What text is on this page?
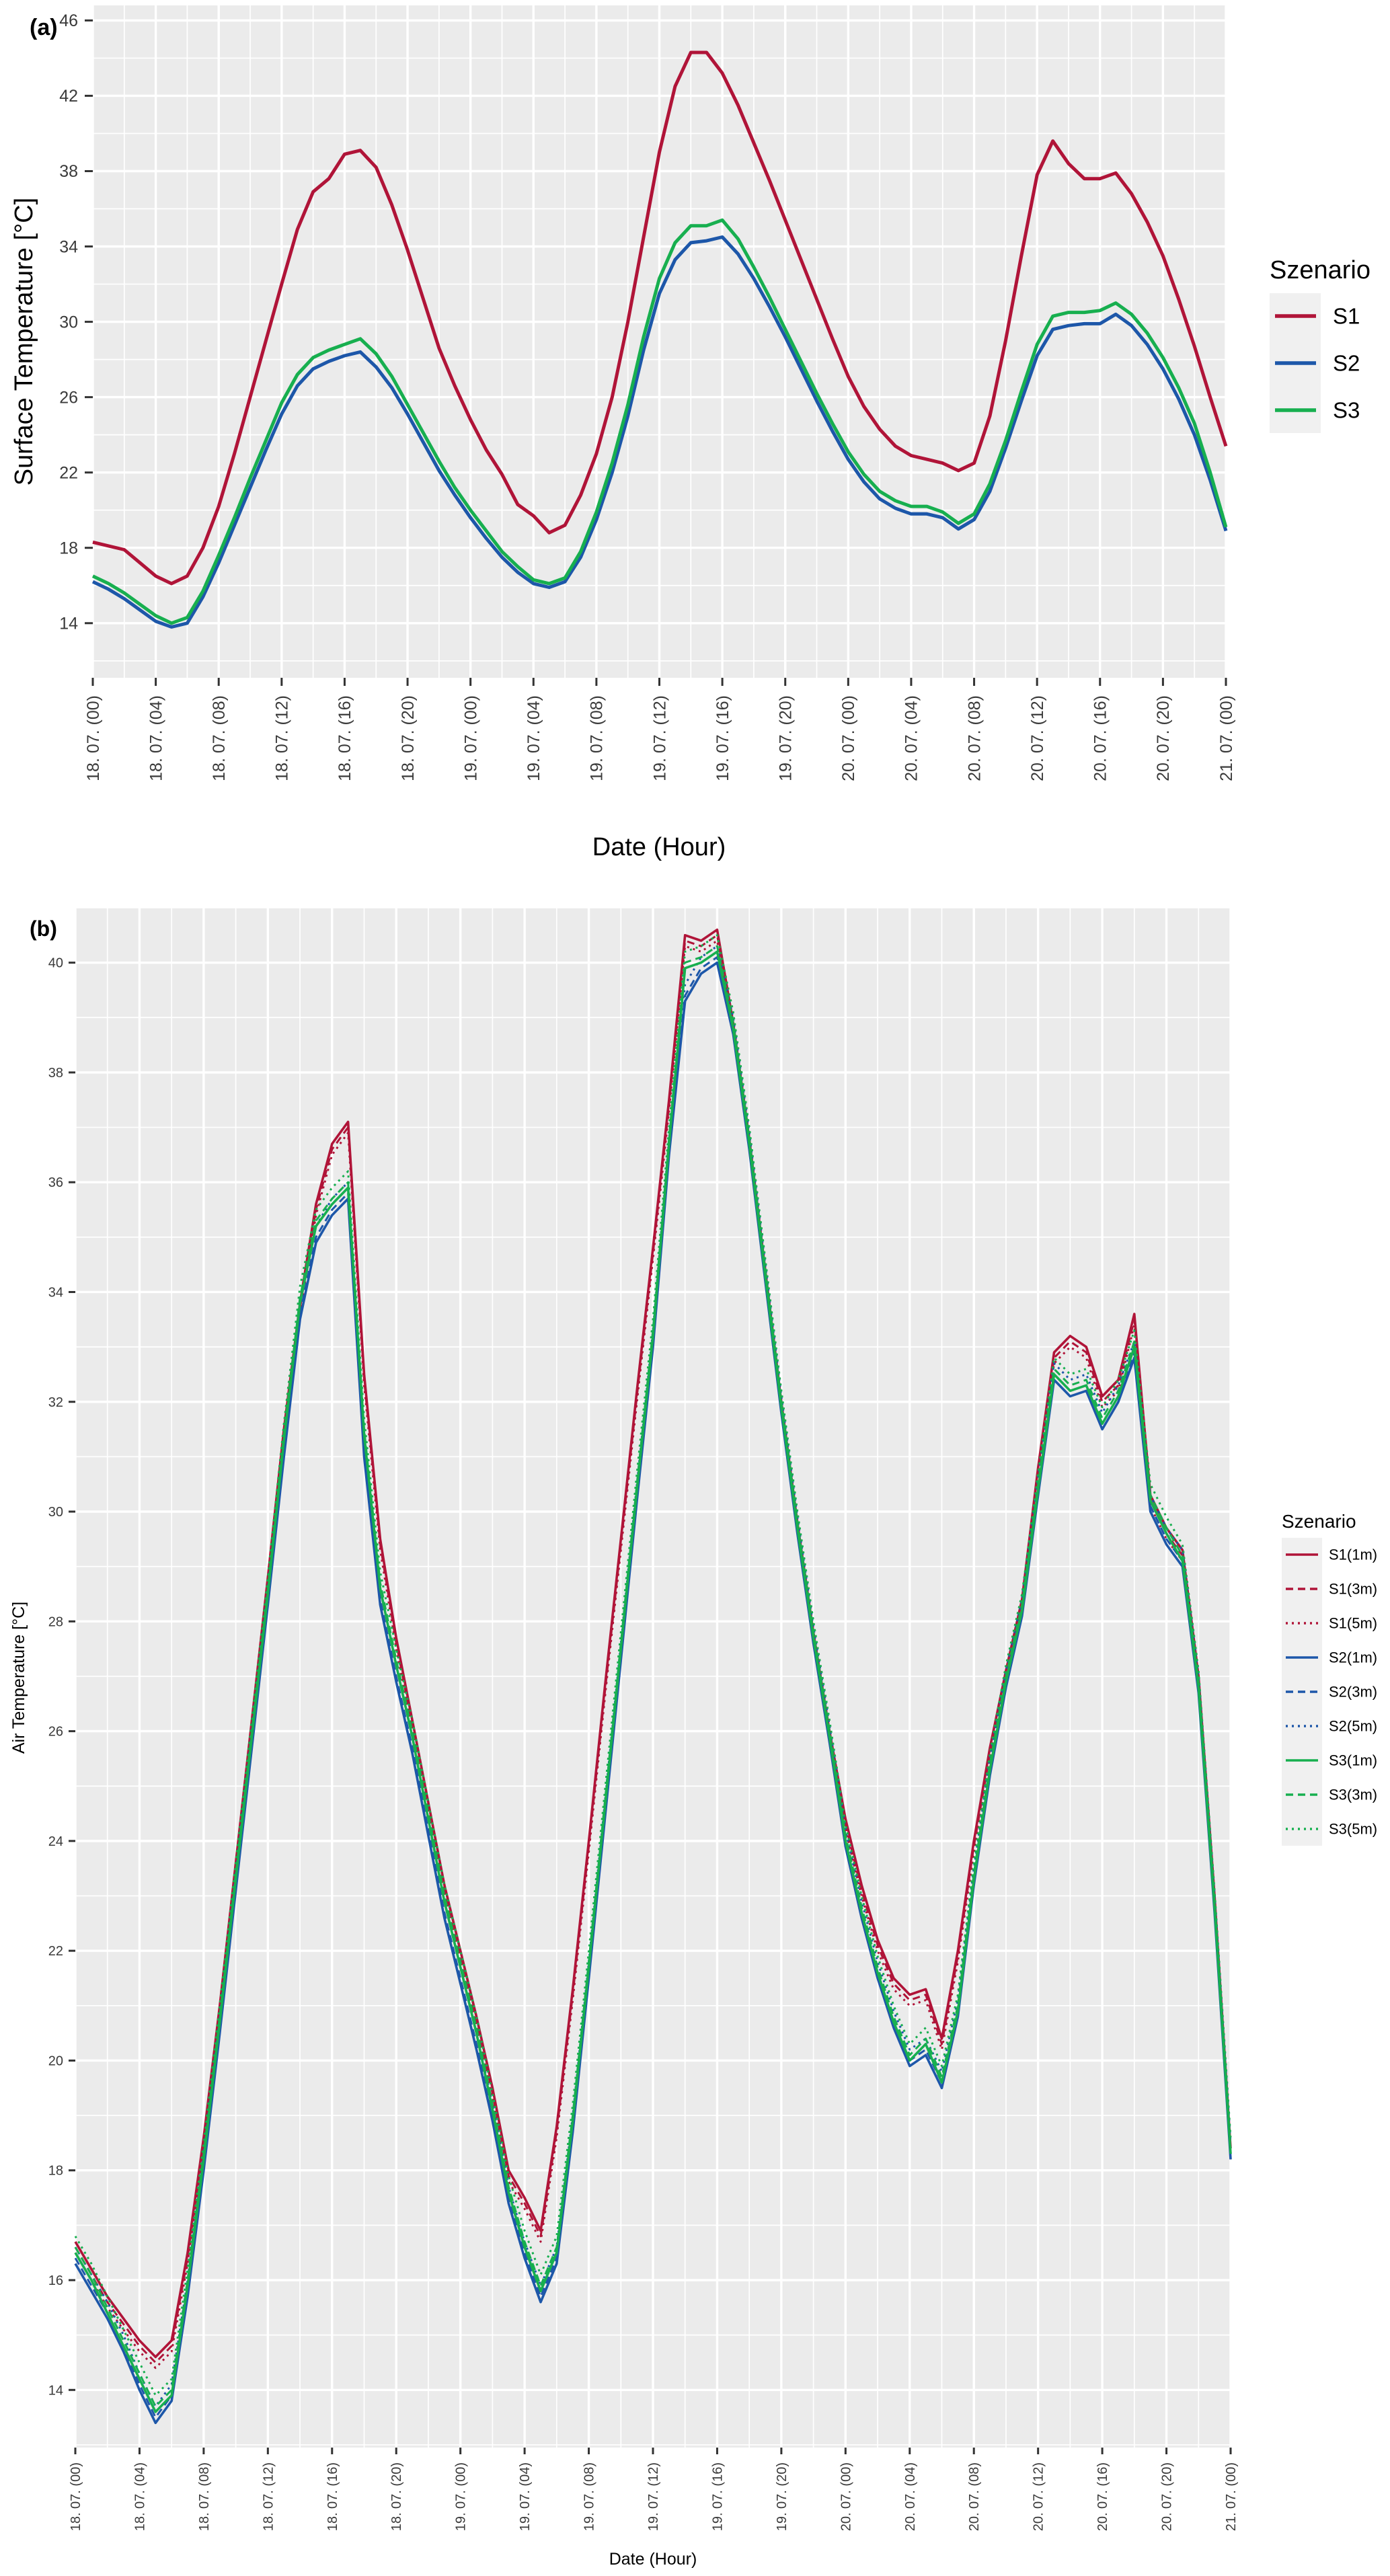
14
18
22
26
30
34
38
42
46
18. 07. (00)	18. 07. (04)	18. 07. (08)	18. 07. (12)	18. 07. (16)	18. 07. (20)	19. 07. (00)	19. 07. (04)	19. 07. (08)	19. 07. (12)	19. 07. (16)	19. 07. (20)	20. 07. (00)	20. 07. (04)	20. 07. (08)	20. 07. (12)	20. 07. (16)	20. 07. (20)	21. 07. (00)
(a)
Surface Temperature [°C]
Date (Hour)
Szenario
S1
S2
S3
14
16
18
20
22
24
26
28
30
32
34
36
38
40
18. 07. (00)	18. 07. (04)	18. 07. (08)	18. 07. (12)	18. 07. (16)	18. 07. (20)	19. 07. (00)	19. 07. (04)	19. 07. (08)	19. 07. (12)	19. 07. (16)	19. 07. (20)	20. 07. (00)	20. 07. (04)	20. 07. (08)	20. 07. (12)	20. 07. (16)	20. 07. (20)	21. 07. (00)
(b)
Air Temperature [°C]
Date (Hour)
Szenario
S1(1m)
S1(3m)
S1(5m)
S2(1m)
S2(3m)
S2(5m)
S3(1m)
S3(3m)
S3(5m)
